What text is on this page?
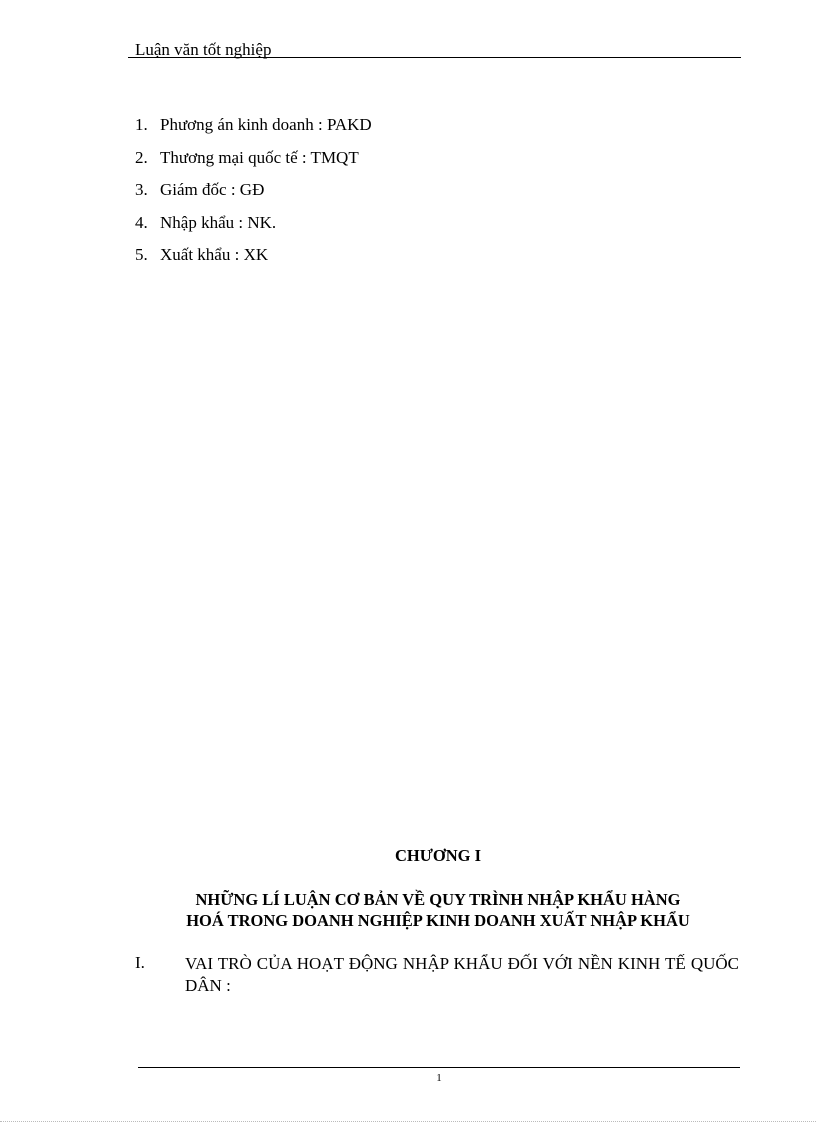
Luận văn tốt nghiệp
1. Phương án kinh doanh : PAKD
2. Thương mại quốc tế : TMQT
3. Giám đốc : GĐ
4. Nhập khẩu : NK.
5. Xuất khẩu : XK
CHƯƠNG I
NHỮNG LÍ LUẬN CƠ BẢN VỀ QUY TRÌNH NHẬP KHẨU HÀNG
HOÁ TRONG DOANH NGHIỆP KINH DOANH XUẤT NHẬP KHẨU
I. VAI TRÒ CỦA HOẠT ĐỘNG NHẬP KHẨU ĐỐI VỚI NỀN KINH TẾ QUỐC DÂN :
1
